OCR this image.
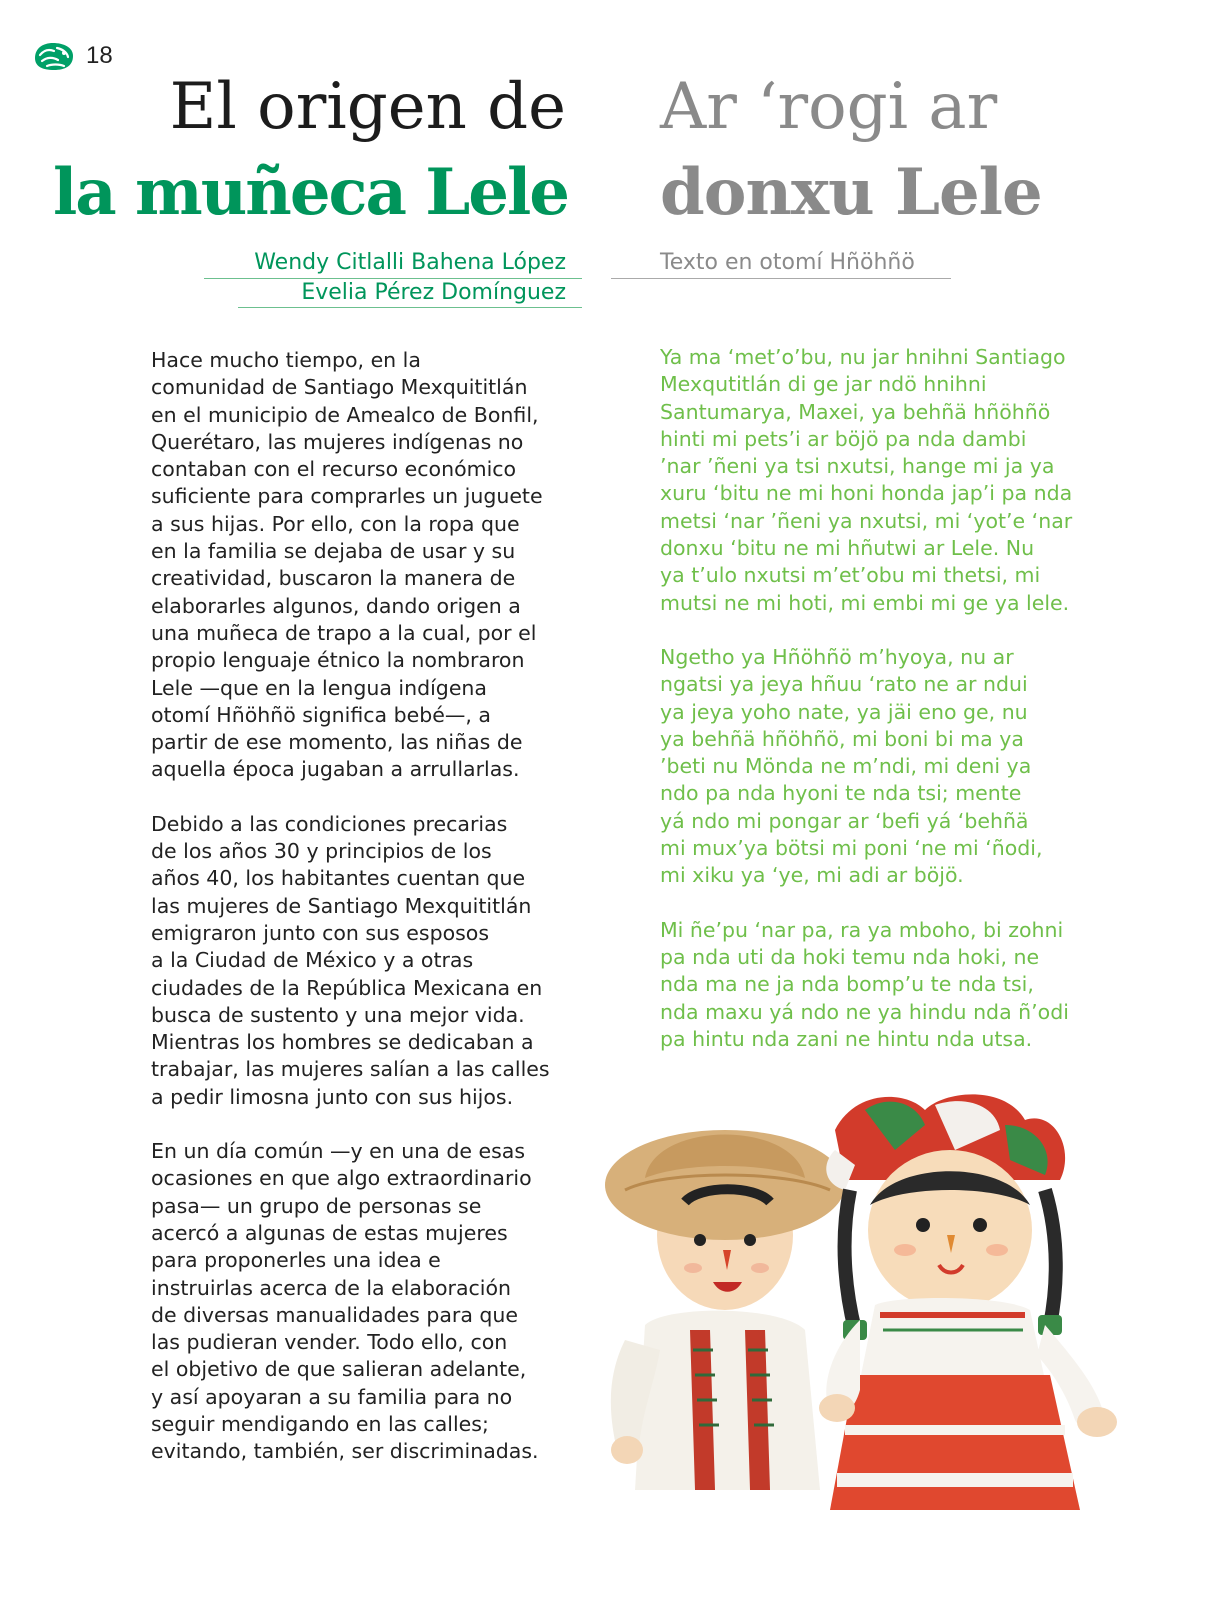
18
El origen de
la muñeca Lele
Ar ‘rogi ar
donxu Lele
Wendy Citlalli Bahena López
Evelia Pérez Domínguez
Texto en otomí Hñöhñö

Hace mucho tiempo, en la
comunidad de Santiago Mexquititlán
en el municipio de Amealco de Bonfil,
Querétaro, las mujeres indígenas no
contaban con el recurso económico
suficiente para comprarles un juguete
a sus hijas. Por ello, con la ropa que
en la familia se dejaba de usar y su
creatividad, buscaron la manera de
elaborarles algunos, dando origen a
una muñeca de trapo a la cual, por el
propio lenguaje étnico la nombraron
Lele —que en la lengua indígena
otomí Hñöhñö significa bebé—, a
partir de ese momento, las niñas de
aquella época jugaban a arrullarlas.

Debido a las condiciones precarias
de los años 30 y principios de los
años 40, los habitantes cuentan que
las mujeres de Santiago Mexquititlán
emigraron junto con sus esposos
a la Ciudad de México y a otras
ciudades de la República Mexicana en
busca de sustento y una mejor vida.
Mientras los hombres se dedicaban a
trabajar, las mujeres salían a las calles
a pedir limosna junto con sus hijos.

En un día común —y en una de esas
ocasiones en que algo extraordinario
pasa— un grupo de personas se
acercó a algunas de estas mujeres
para proponerles una idea e
instruirlas acerca de la elaboración
de diversas manualidades para que
las pudieran vender. Todo ello, con
el objetivo de que salieran adelante,
y así apoyaran a su familia para no
seguir mendigando en las calles;
evitando, también, ser discriminadas.

Ya ma ‘met’o’bu, nu jar hnihni Santiago
Mexqutitlán di ge jar ndö hnihni
Santumarya, Maxei, ya behñä hñöhñö
hinti mi pets’i ar böjö pa nda dambi
’nar ’ñeni ya tsi nxutsi, hange mi ja ya
xuru ‘bitu ne mi honi honda jap’i pa nda
metsi ‘nar ’ñeni ya nxutsi, mi ‘yot’e ‘nar
donxu ‘bitu ne mi hñutwi ar Lele. Nu
ya t’ulo nxutsi m’et’obu mi thetsi, mi
mutsi ne mi hoti, mi embi mi ge ya lele.

Ngetho ya Hñöhñö m’hyoya, nu ar
ngatsi ya jeya hñuu ‘rato ne ar ndui
ya jeya yoho nate, ya jäi eno ge, nu
ya behñä hñöhñö, mi boni bi ma ya
’beti nu Mönda ne m’ndi, mi deni ya
ndo pa nda hyoni te nda tsi; mente
yá ndo mi pongar ar ‘befi yá ‘behñä
mi mux’ya bötsi mi poni ‘ne mi ‘ñodi,
mi xiku ya ‘ye, mi adi ar böjö.

Mi ñe’pu ‘nar pa, ra ya mboho, bi zohni
pa nda uti da hoki temu nda hoki, ne
nda ma ne ja nda bomp’u te nda tsi,
nda maxu yá ndo ne ya hindu nda ñ’odi
pa hintu nda zani ne hintu nda utsa.
